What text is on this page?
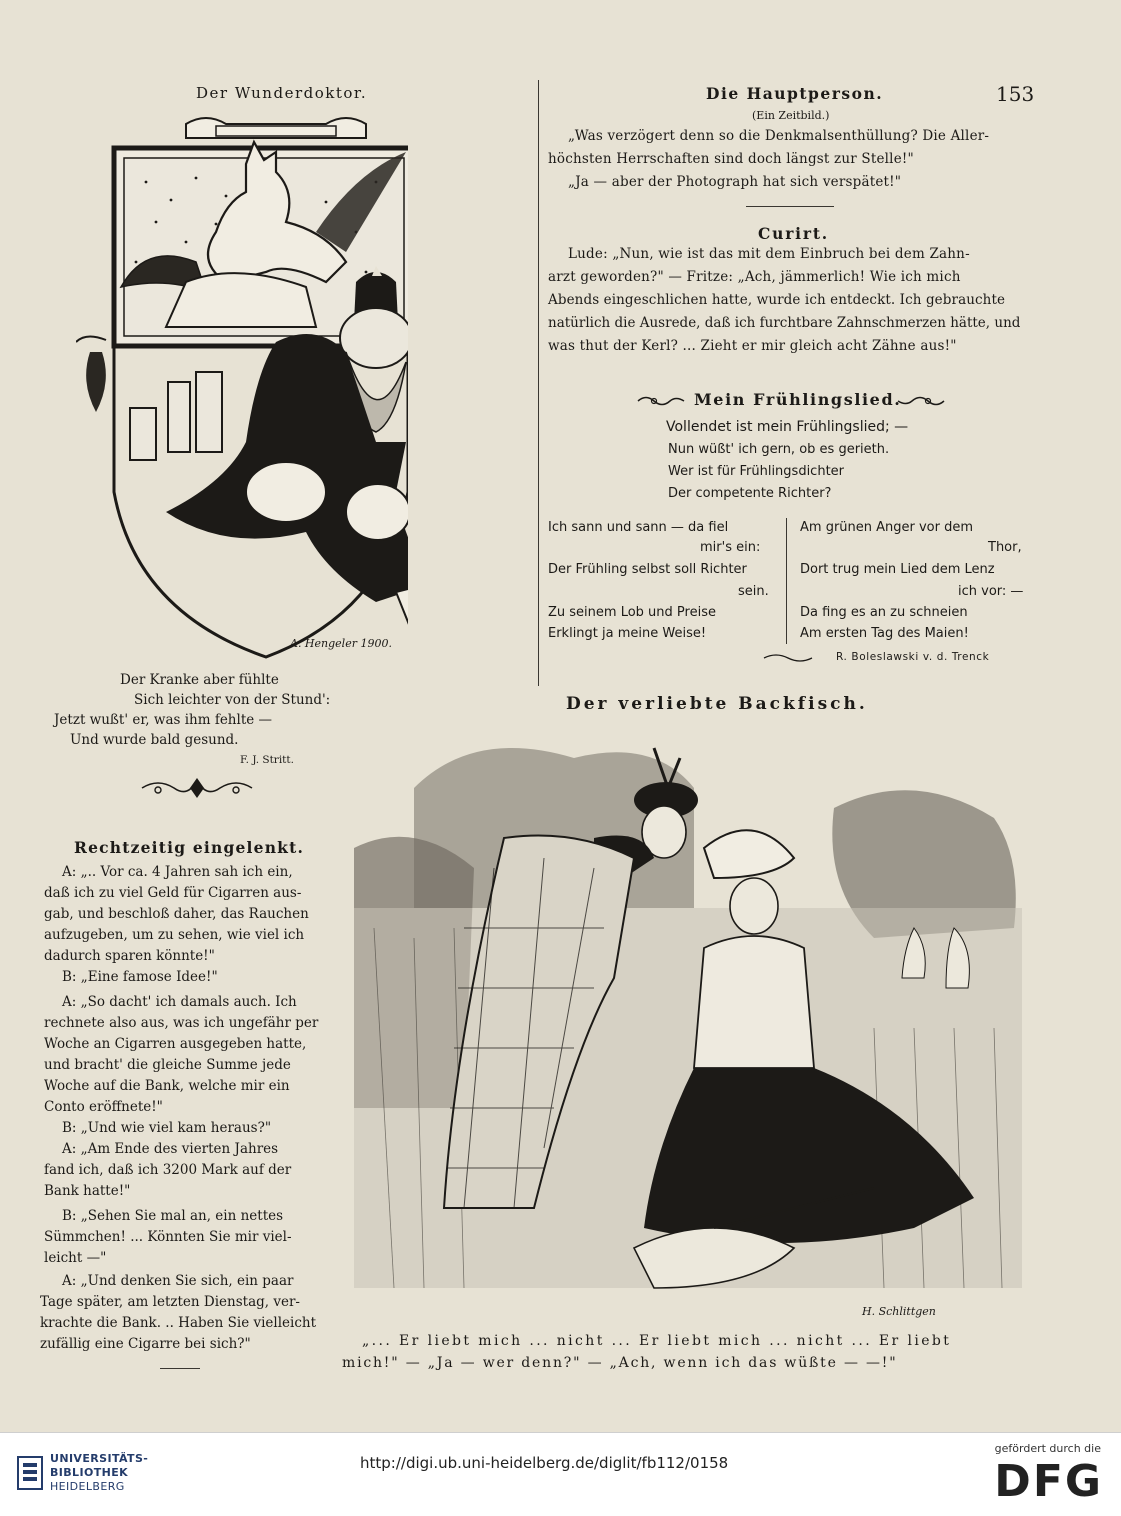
Der Wunderdoktor.
A. Hengeler 1900.
Der Kranke aber fühlte
Sich leichter von der Stund':
Jetzt wußt' er, was ihm fehlte —
Und wurde bald gesund.
F. J. Stritt.
Rechtzeitig eingelenkt.
A: „.. Vor ca. 4 Jahren sah ich ein,
daß ich zu viel Geld für Cigarren aus-
gab, und beschloß daher, das Rauchen
aufzugeben, um zu sehen, wie viel ich
dadurch sparen könnte!"
B: „Eine famose Idee!"
A: „So dacht' ich damals auch. Ich
rechnete also aus, was ich ungefähr per
Woche an Cigarren ausgegeben hatte,
und bracht' die gleiche Summe jede
Woche auf die Bank, welche mir ein
Conto eröffnete!"
B: „Und wie viel kam heraus?"
A: „Am Ende des vierten Jahres
fand ich, daß ich 3200 Mark auf der
Bank hatte!"
B: „Sehen Sie mal an, ein nettes
Sümmchen! ... Könnten Sie mir viel-
leicht —"
A: „Und denken Sie sich, ein paar
Tage später, am letzten Dienstag, ver-
krachte die Bank. .. Haben Sie vielleicht
zufällig eine Cigarre bei sich?"
Die Hauptperson.	153
(Ein Zeitbild.)
„Was verzögert denn so die Denkmalsenthüllung? Die Aller-
höchsten Herrschaften sind doch längst zur Stelle!"
„Ja — aber der Photograph hat sich verspätet!"
Curirt.
Lude: „Nun, wie ist das mit dem Einbruch bei dem Zahn-
arzt geworden?" — Fritze: „Ach, jämmerlich! Wie ich mich
Abends eingeschlichen hatte, wurde ich entdeckt. Ich gebrauchte
natürlich die Ausrede, daß ich furchtbare Zahnschmerzen hätte, und
was thut der Kerl? ... Zieht er mir gleich acht Zähne aus!"
Mein Frühlingslied.
Vollendet ist mein Frühlingslied; —
Nun wüßt' ich gern, ob es gerieth.
Wer ist für Frühlingsdichter
Der competente Richter?
Ich sann und sann — da fiel
mir's ein:
Der Frühling selbst soll Richter
sein.
Zu seinem Lob und Preise
Erklingt ja meine Weise!
Am grünen Anger vor dem
Thor,
Dort trug mein Lied dem Lenz
ich vor: —
Da fing es an zu schneien
Am ersten Tag des Maien!
R. Boleslawski v. d. Trenck
Der verliebte Backfisch.
H. Schlittgen
„... Er liebt mich ... nicht ... Er liebt mich ... nicht ... Er liebt
mich!" — „Ja — wer denn?" — „Ach, wenn ich das wüßte — —!"
UNIVERSITÄTS-
BIBLIOTHEK
HEIDELBERG
http://digi.ub.uni-heidelberg.de/diglit/fb112/0158
gefördert durch die
DFG
